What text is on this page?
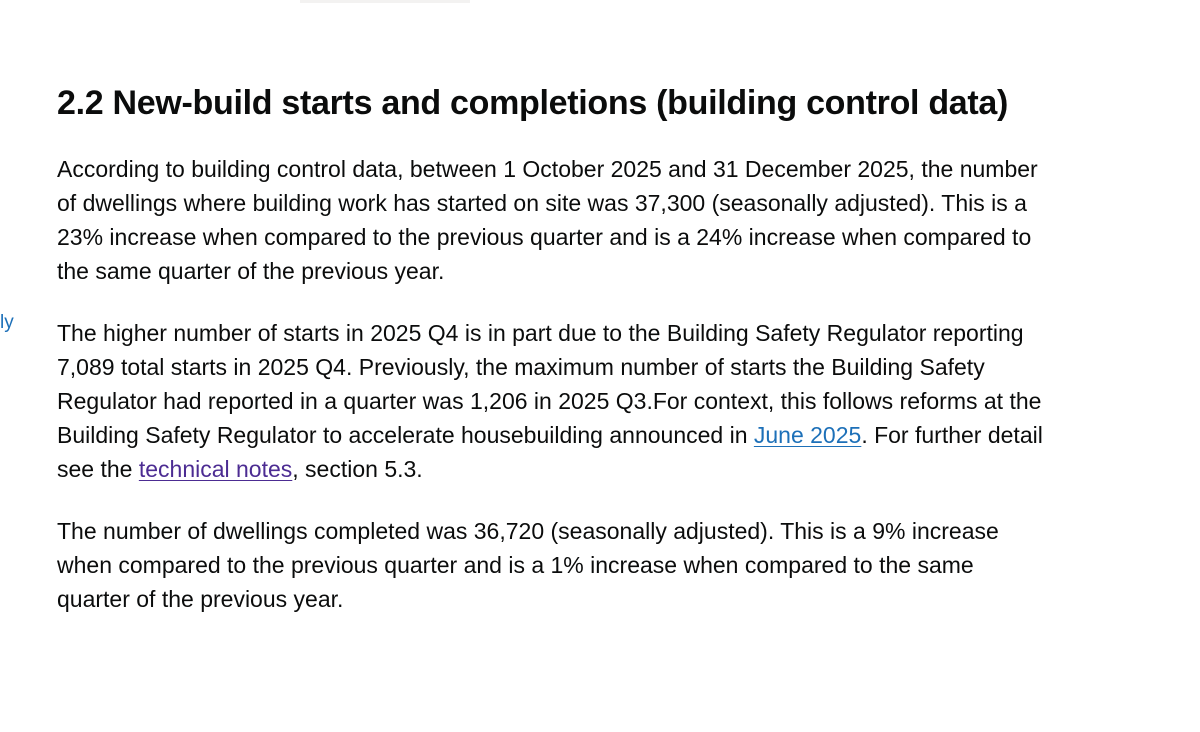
ly
2.2 New-build starts and completions (building control data)

According to building control data, between 1 October 2025 and 31 December 2025, the number of dwellings where building work has started on site was 37,300 (seasonally adjusted). This is a 23% increase when compared to the previous quarter and is a 24% increase when compared to the same quarter of the previous year.

The higher number of starts in 2025 Q4 is in part due to the Building Safety Regulator reporting 7,089 total starts in 2025 Q4. Previously, the maximum number of starts the Building Safety Regulator had reported in a quarter was 1,206 in 2025 Q3.For context, this follows reforms at the Building Safety Regulator to accelerate housebuilding announced in June 2025. For further detail see the technical notes, section 5.3.

The number of dwellings completed was 36,720 (seasonally adjusted). This is a 9% increase when compared to the previous quarter and is a 1% increase when compared to the same quarter of the previous year.
